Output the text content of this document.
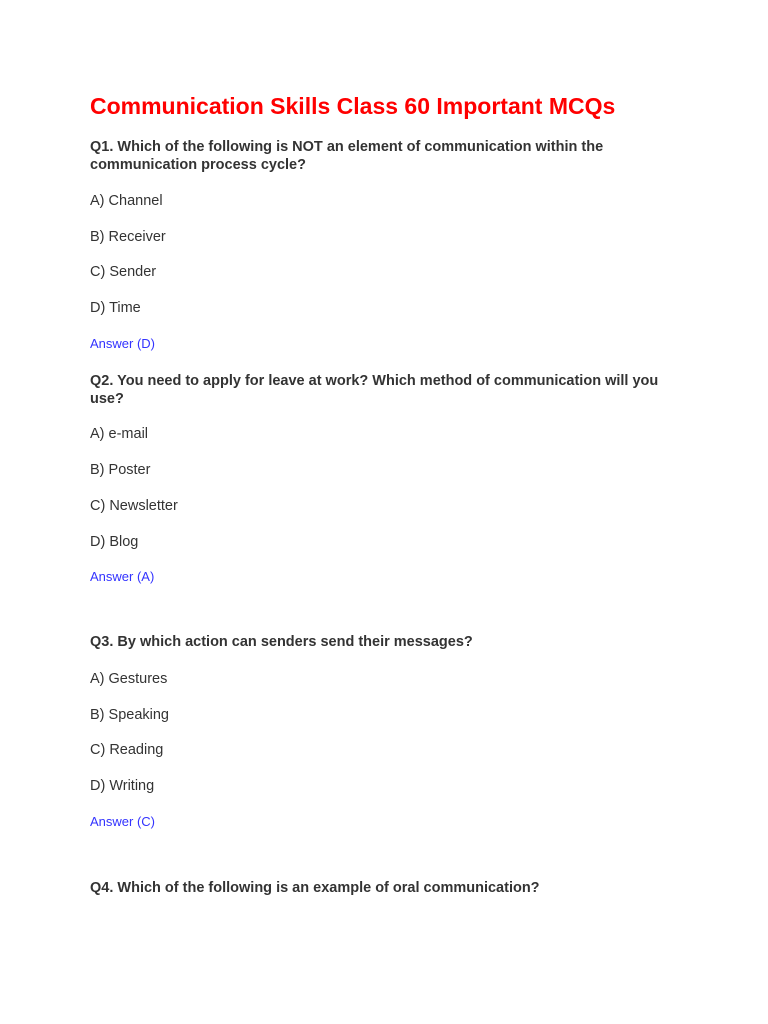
Communication Skills Class 60 Important MCQs

Q1. Which of the following is NOT an element of communication within the communication process cycle?

A) Channel

B) Receiver

C) Sender

D) Time

Answer (D)

Q2. You need to apply for leave at work? Which method of communication will you use?

A) e-mail

B) Poster

C) Newsletter

D) Blog

Answer (A)

Q3. By which action can senders send their messages?

A) Gestures

B) Speaking

C) Reading

D) Writing

Answer (C)

Q4. Which of the following is an example of oral communication?
